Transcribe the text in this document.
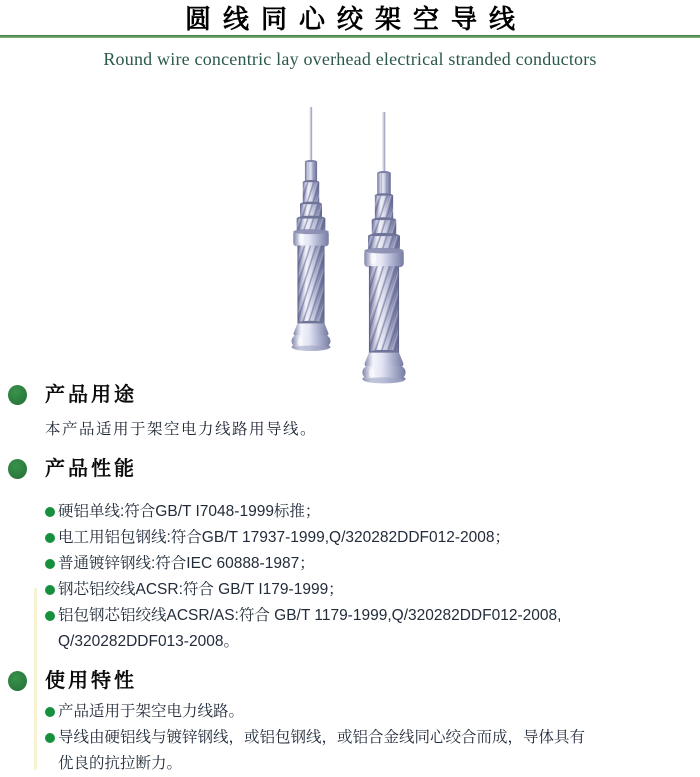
圆线同心绞架空导线
Round wire concentric lay overhead electrical stranded conductors
产品用途
本产品适用于架空电力线路用导线。
产品性能
硬铝单线:符合GB/T I7048-1999标推；
电工用铝包钢线:符合GB/T 17937-1999,Q/320282DDF012-2008；
普通镀锌钢线:符合IEC 60888-1987；
钢芯铝绞线ACSR:符合 GB/T I179-1999；
铝包钢芯铝绞线ACSR/AS:符合 GB/T 1179-1999,Q/320282DDF012-2008,
Q/320282DDF013-2008。
使用特性
产品适用于架空电力线路。
导线由硬铝线与镀锌钢线，或铝包钢线，或铝合金线同心绞合而成，导体具有
优良的抗拉断力。
